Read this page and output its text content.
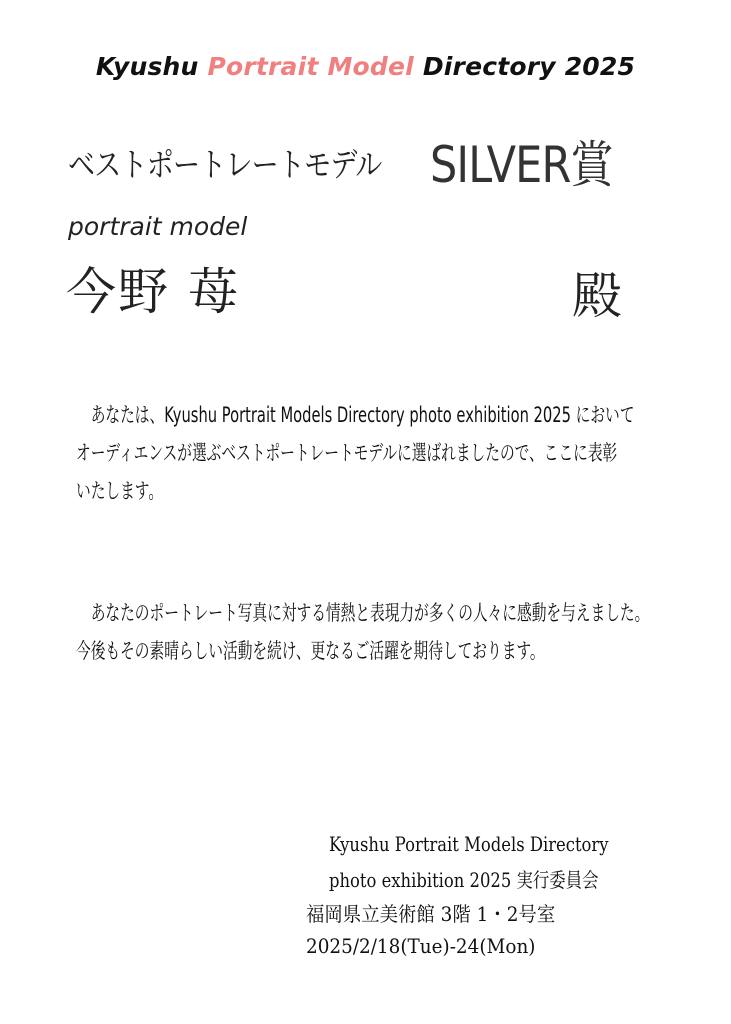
Kyushu Portrait Model Directory 2025
ベストポートレートモデル SILVER賞
portrait model
今野 苺	殿
　あなたは、Kyushu Portrait Models Directory photo exhibition 2025 において
オーディエンスが選ぶベストポートレートモデルに選ばれましたので、ここに表彰
いたします。
　あなたのポートレート写真に対する情熱と表現力が多くの人々に感動を与えました。
今後もその素晴らしい活動を続け、更なるご活躍を期待しております。
Kyushu Portrait Models Directory
photo exhibition 2025 実行委員会
福岡県立美術館 3階 1・2号室
2025/2/18(Tue)-24(Mon)
